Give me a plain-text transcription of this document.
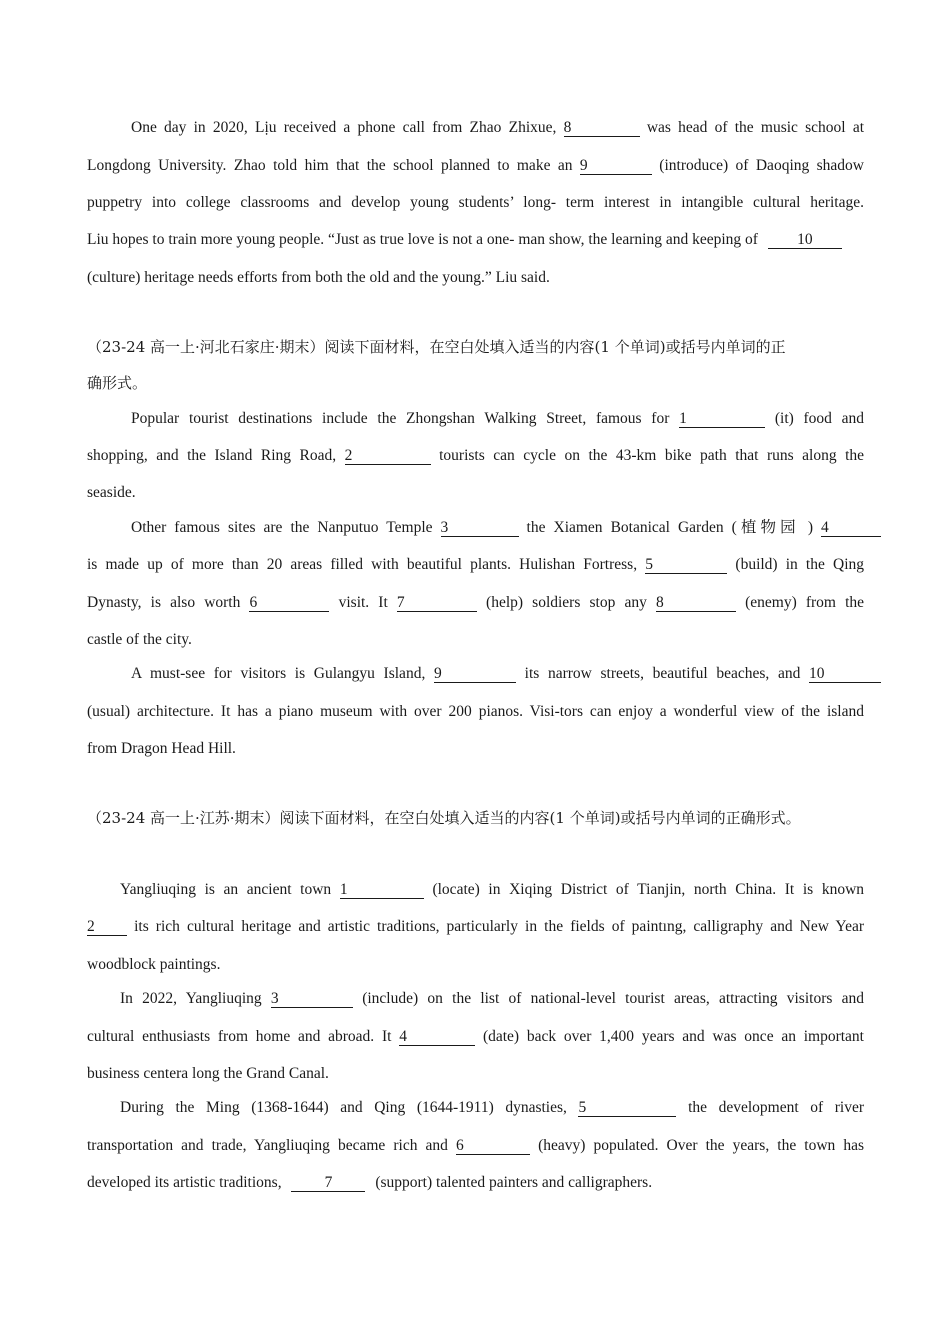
One day in 2020, Lịu received a phone call from Zhao Zhixue, 8	was head of the music school at
Longdong University. Zhao told him that the school planned to make an 9	(introduce) of Daoqing shadow
puppetry into college classrooms and develop young students’ long- term interest in intangible cultural heritage.
Liu hopes to train more young people. “Just as true love is not a one- man show, the learning and keeping of	10
(culture) heritage needs efforts from both the old and the young.” Liu said.
（23-24 高一上·河北石家庄·期末）阅读下面材料，在空白处填入适当的内容(1 个单词)或括号内单词的正
确形式。
Popular tourist destinations include the Zhongshan Walking Street, famous for 1	(it) food and
shopping, and the Island Ring Road, 2	tourists can cycle on the 43-km bike path that runs along the
seaside.
Other famous sites are the Nanputuo Temple 3	the Xiamen Botanical Garden (植物园 ) 4
is made up of more than 20 areas filled with beautiful plants. Hulishan Fortress, 5	(build) in the Qing
Dynasty, is also worth 6	visit. It 7	(help) soldiers stop any 8	(enemy) from the
castle of the city.
A must-see for visitors is Gulangyu Island, 9	its narrow streets, beautiful beaches, and 10
(usual) architecture. It has a piano museum with over 200 pianos. Visi-tors can enjoy a wonderful view of the island
from Dragon Head Hill.
（23-24 高一上·江苏·期末）阅读下面材料，在空白处填入适当的内容(1 个单词)或括号内单词的正确形式。
Yangliuqing is an ancient town 1	(locate) in Xiqing District of Tianjin, north China. It is known
2	its rich cultural heritage and artistic traditions, particularly in the fields of paintıng, calligraphy and New Year
woodblock paintings.
In 2022, Yangliuqing 3	(include) on the list of national-level tourist areas, attracting visitors and
cultural enthusiasts from home and abroad. It 4	(date) back over 1,400 years and was once an important
business centera long the Grand Canal.
During the Ming (1368-1644) and Qing (1644-1911) dynasties, 5	the development of river
transportation and trade, Yangliuqing became rich and 6	(heavy) populated. Over the years, the town has
developed its artistic traditions,	7	(support) talented painters and calligraphers.
